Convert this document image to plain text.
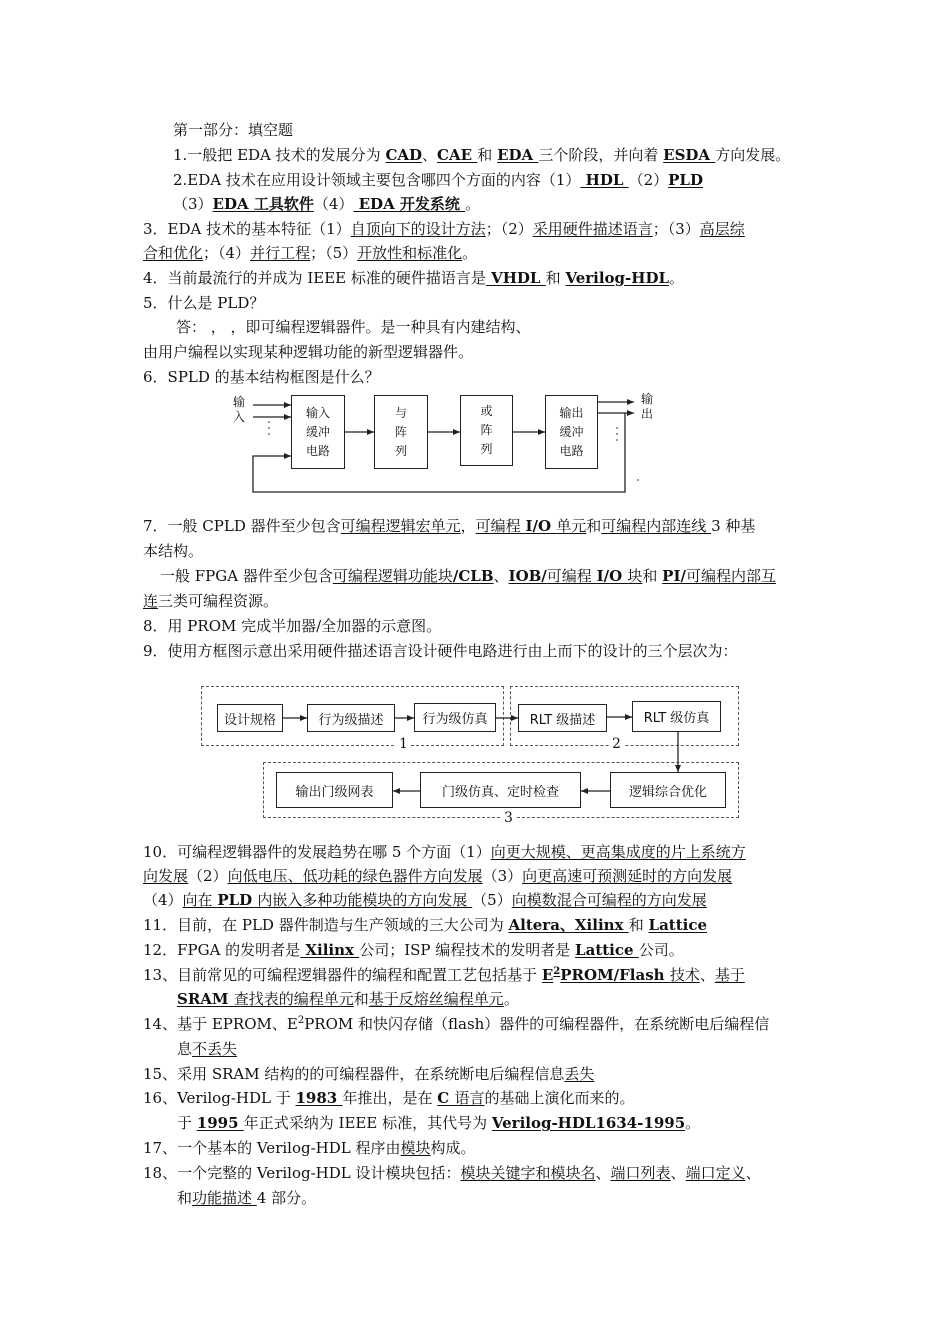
第一部分：填空题
1.一般把 EDA 技术的发展分为 CAD、CAE 和 EDA 三个阶段，并向着 ESDA 方向发展。
2.EDA 技术在应用设计领域主要包含哪四个方面的内容（1） HDL （2）PLD
（3）EDA 工具软件（4） EDA 开发系统 。
3．EDA 技术的基本特征（1）自顶向下的设计方法；（2）采用硬件描述语言；（3）高层综
合和优化；（4）并行工程；（5）开放性和标准化。
4．当前最流行的并成为 IEEE 标准的硬件描语言是 VHDL 和 Verilog-HDL。
5．什么是 PLD？
答： ， ，即可编程逻辑器件。是一种具有内建结构、
由用户编程以实现某种逻辑功能的新型逻辑器件。
6．SPLD 的基本结构框图是什么？
输
入
输
出
输入
缓冲
电路
与
阵
列
或
阵
列
输出
缓冲
电路
7．一般 CPLD 器件至少包含可编程逻辑宏单元，可编程 I/O 单元和可编程内部连线 3 种基
本结构。
一般 FPGA 器件至少包含可编程逻辑功能块/CLB、IOB/可编程 I/O 块和 PI/可编程内部互
连三类可编程资源。
8．用 PROM 完成半加器/全加器的示意图。
9．使用方框图示意出采用硬件描述语言设计硬件电路进行由上而下的设计的三个层次为：
设计规格	行为级描述	行为级仿真	RLT 级描述	RLT 级仿真
逻辑综合优化
门级仿真、定时检查
输出门级网表
1	2
3
10．可编程逻辑器件的发展趋势在哪 5 个方面（1）向更大规模、更高集成度的片上系统方
向发展（2）向低电压、低功耗的绿色器件方向发展（3）向更高速可预测延时的方向发展
（4）向在 PLD 内嵌入多种功能模块的方向发展 （5）向模数混合可编程的方向发展
11．目前，在 PLD 器件制造与生产领域的三大公司为 Altera、Xilinx 和 Lattice
12．FPGA 的发明者是 Xilinx 公司；ISP 编程技术的发明者是 Lattice 公司。
13、目前常见的可编程逻辑器件的编程和配置工艺包括基于 $E^2PROM$/Flash 技术、基于
SRAM 查找表的编程单元和基于反熔丝编程单元。
14、基于 EPROM、$E^2PROM$ 和快闪存储（flash）器件的可编程器件，在系统断电后编程信
息不丢失
15、采用 SRAM 结构的的可编程器件，在系统断电后编程信息丢失
16、Verilog-HDL 于 1983 年推出，是在 C 语言的基础上演化而来的。
于 1995 年正式采纳为 IEEE 标准，其代号为 Verilog-HDL1634-1995。
17、一个基本的 Verilog-HDL 程序由模块构成。
18、一个完整的 Verilog-HDL 设计模块包括：模块关键字和模块名、端口列表、端口定义、
和功能描述 4 部分。
